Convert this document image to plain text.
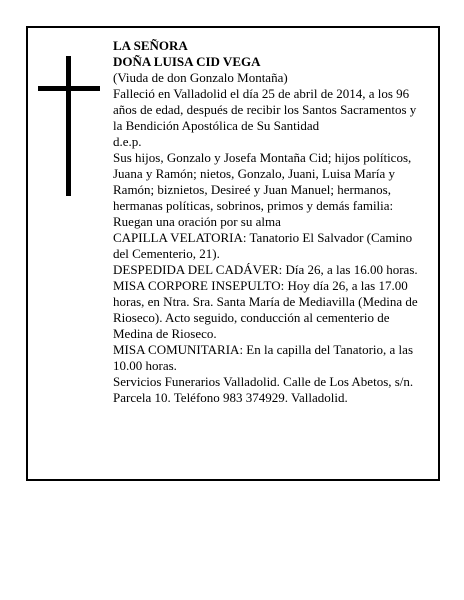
LA SEÑORA

DOÑA LUISA CID VEGA

(Viuda de don Gonzalo Montaña)

Falleció en Valladolid el día 25 de abril de 2014, a los 96 años de edad, después de recibir los Santos Sacramentos y la Bendición Apostólica de Su Santidad

d.e.p.

Sus hijos, Gonzalo y Josefa Montaña Cid; hijos políticos, Juana y Ramón; nietos, Gonzalo, Juani, Luisa María y Ramón; biznietos, Desireé y Juan Manuel; hermanos, hermanas políticas, sobrinos, primos y demás familia:

Ruegan una oración por su alma

CAPILLA VELATORIA: Tanatorio El Salvador (Camino del Cementerio, 21).

DESPEDIDA DEL CADÁVER: Día 26, a las 16.00 horas.

MISA CORPORE INSEPULTO: Hoy día 26, a las 17.00 horas, en Ntra. Sra. Santa María de Mediavilla (Medina de Rioseco). Acto seguido, conducción al cementerio de Medina de Rioseco.

MISA COMUNITARIA: En la capilla del Tanatorio, a las 10.00 horas.

Servicios Funerarios Valladolid. Calle de Los Abetos, s/n. Parcela 10. Teléfono 983 374929. Valladolid.
